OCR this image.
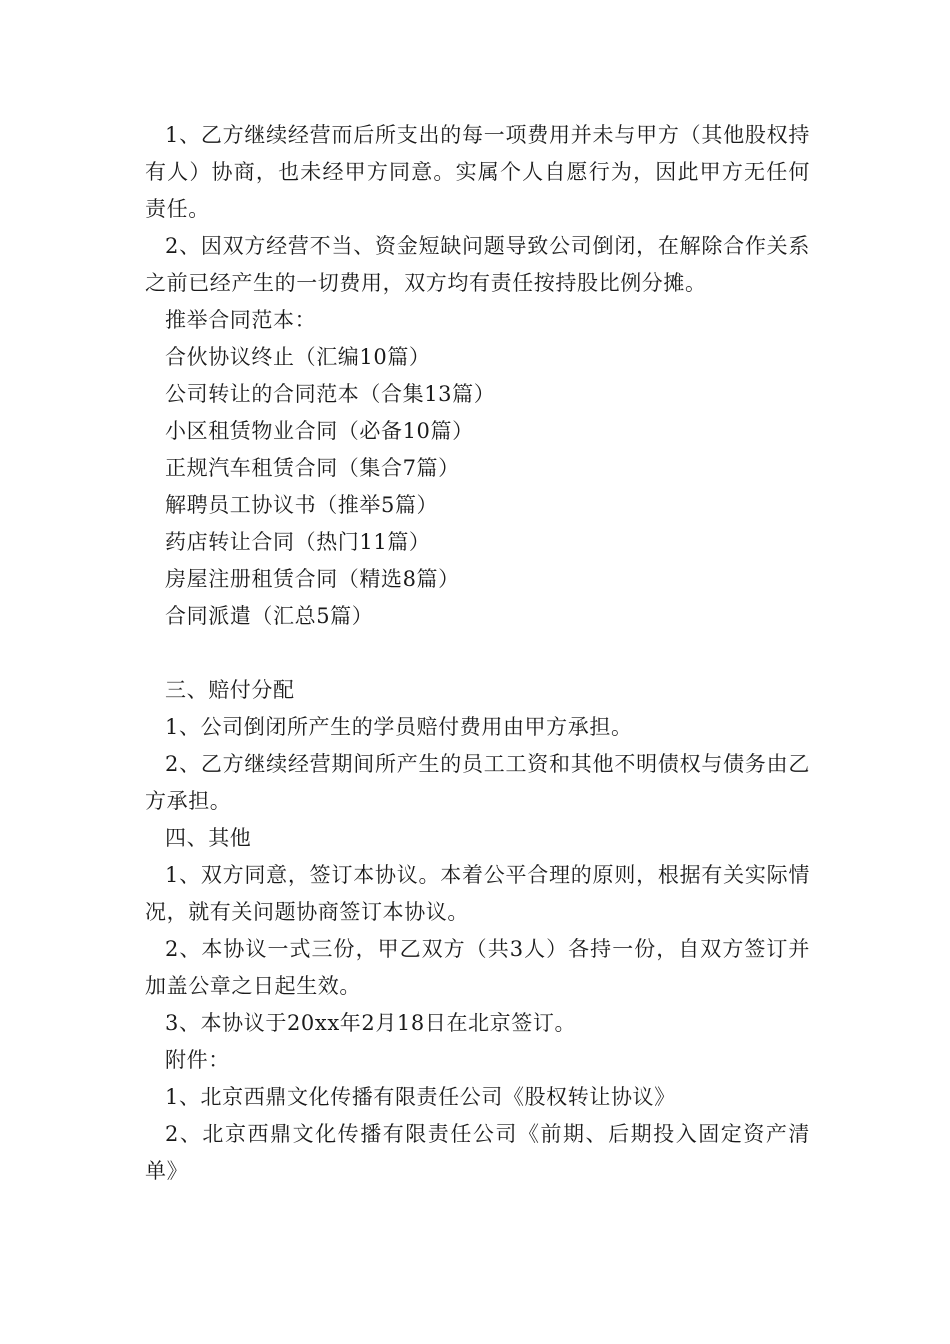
1、乙方继续经营而后所支出的每一项费用并未与甲方（其他股权持有人）协商，也未经甲方同意。实属个人自愿行为，因此甲方无任何责任。

2、因双方经营不当、资金短缺问题导致公司倒闭，在解除合作关系之前已经产生的一切费用，双方均有责任按持股比例分摊。

推举合同范本：

合伙协议终止（汇编10篇）

公司转让的合同范本（合集13篇）

小区租赁物业合同（必备10篇）

正规汽车租赁合同（集合7篇）

解聘员工协议书（推举5篇）

药店转让合同（热门11篇）

房屋注册租赁合同（精选8篇）

合同派遣（汇总5篇）

三、赔付分配

1、公司倒闭所产生的学员赔付费用由甲方承担。

2、乙方继续经营期间所产生的员工工资和其他不明债权与债务由乙方承担。

四、其他

1、双方同意，签订本协议。本着公平合理的原则，根据有关实际情况，就有关问题协商签订本协议。

2、本协议一式三份，甲乙双方（共3人）各持一份，自双方签订并加盖公章之日起生效。

3、本协议于20xx年2月18日在北京签订。

附件：

1、北京西鼎文化传播有限责任公司《股权转让协议》

2、北京西鼎文化传播有限责任公司《前期、后期投入固定资产清单》
